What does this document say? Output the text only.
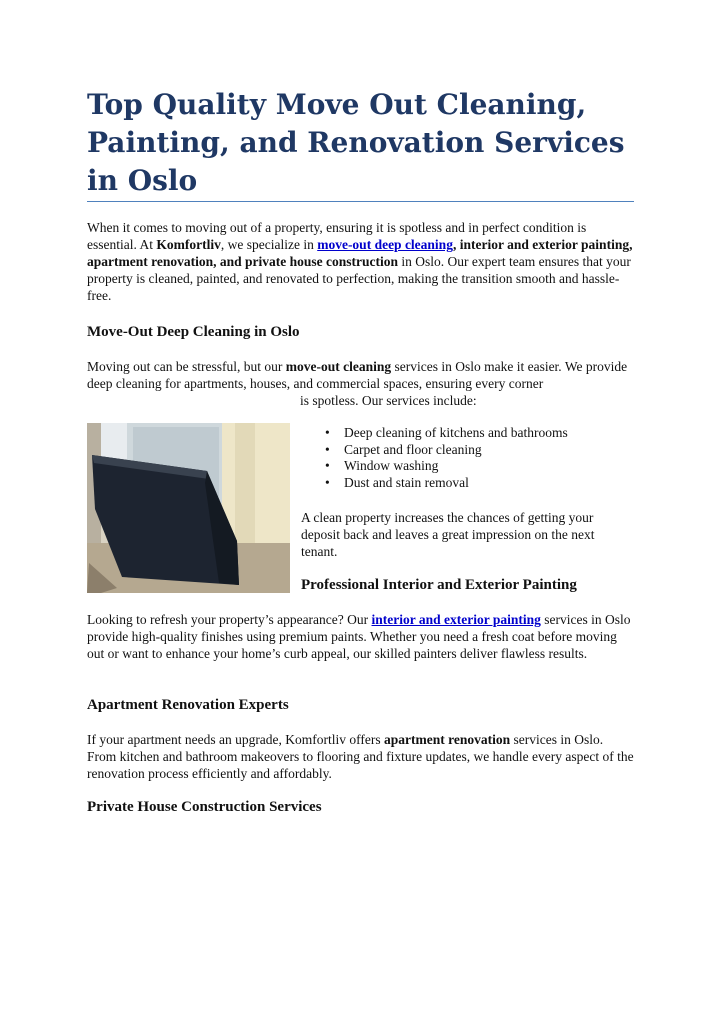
Top Quality Move Out Cleaning, Painting, and Renovation Services in Oslo

When it comes to moving out of a property, ensuring it is spotless and in perfect condition is essential. At Komfortliv, we specialize in move-out deep cleaning, interior and exterior painting, apartment renovation, and private house construction in Oslo. Our expert team ensures that your property is cleaned, painted, and renovated to perfection, making the transition smooth and hassle-free.

Move-Out Deep Cleaning in Oslo

Moving out can be stressful, but our move-out cleaning services in Oslo make it easier. We provide deep cleaning for apartments, houses, and commercial spaces, ensuring every corner

is spotless. Our services include:

• Deep cleaning of kitchens and bathrooms
• Carpet and floor cleaning
• Window washing
• Dust and stain removal

A clean property increases the chances of getting your deposit back and leaves a great impression on the next tenant.

Professional Interior and Exterior Painting

Looking to refresh your property’s appearance? Our interior and exterior painting services in Oslo provide high-quality finishes using premium paints. Whether you need a fresh coat before moving out or want to enhance your home’s curb appeal, our skilled painters deliver flawless results.

Apartment Renovation Experts

If your apartment needs an upgrade, Komfortliv offers apartment renovation services in Oslo. From kitchen and bathroom makeovers to flooring and fixture updates, we handle every aspect of the renovation process efficiently and affordably.

Private House Construction Services
